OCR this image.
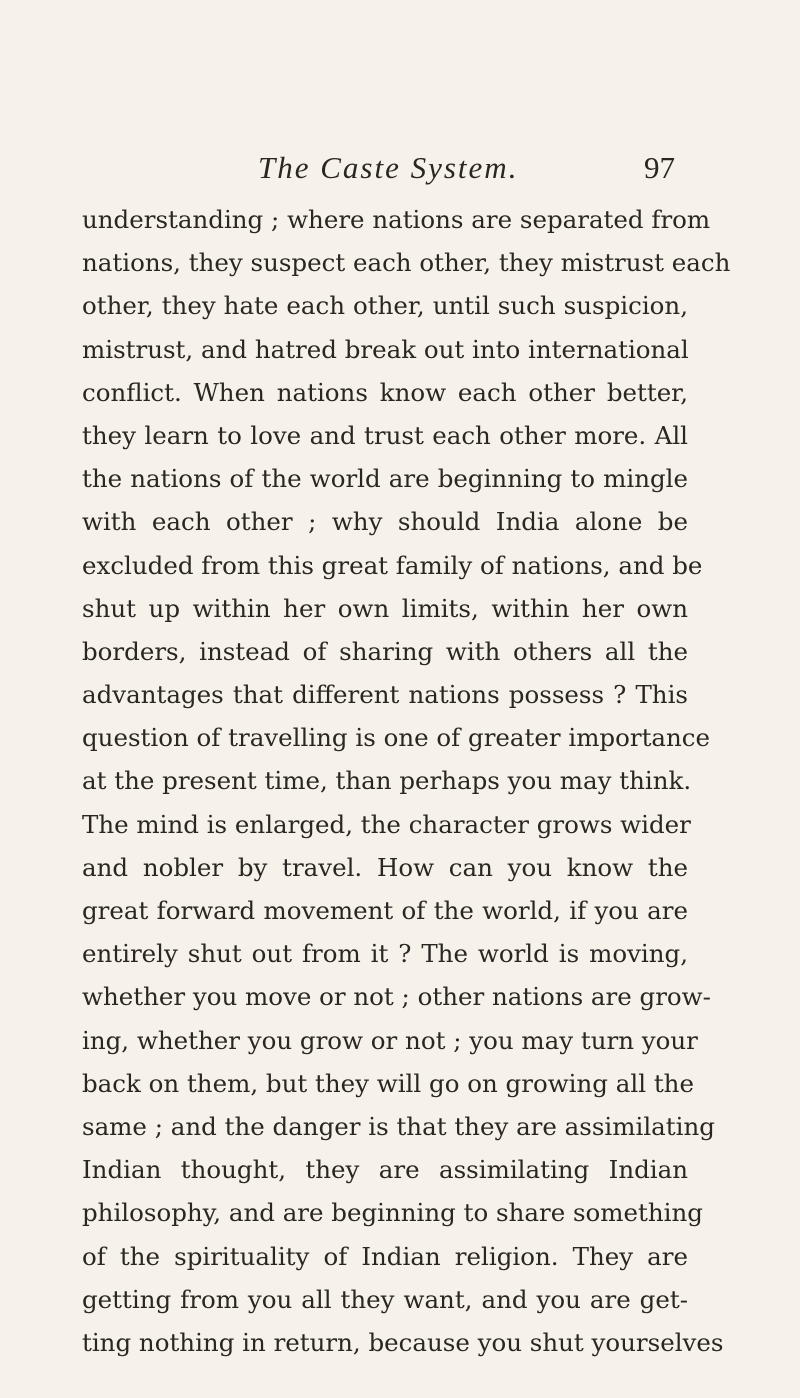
The Caste System.	97
understanding ; where nations are separated from
nations, they suspect each other, they mistrust each
other, they hate each other, until such suspicion,
mistrust, and hatred break out into international
conflict. When nations know each other better,
they learn to love and trust each other more. All
the nations of the world are beginning to mingle
with each other ; why should India alone be
excluded from this great family of nations, and be
shut up within her own limits, within her own
borders, instead of sharing with others all the
advantages that different nations possess ? This
question of travelling is one of greater importance
at the present time, than perhaps you may think.
The mind is enlarged, the character grows wider
and nobler by travel. How can you know the
great forward movement of the world, if you are
entirely shut out from it ? The world is moving,
whether you move or not ; other nations are grow-
ing, whether you grow or not ; you may turn your
back on them, but they will go on growing all the
same ; and the danger is that they are assimilating
Indian thought, they are assimilating Indian
philosophy, and are beginning to share something
of the spirituality of Indian religion. They are
getting from you all they want, and you are get-
ting nothing in return, because you shut yourselves
